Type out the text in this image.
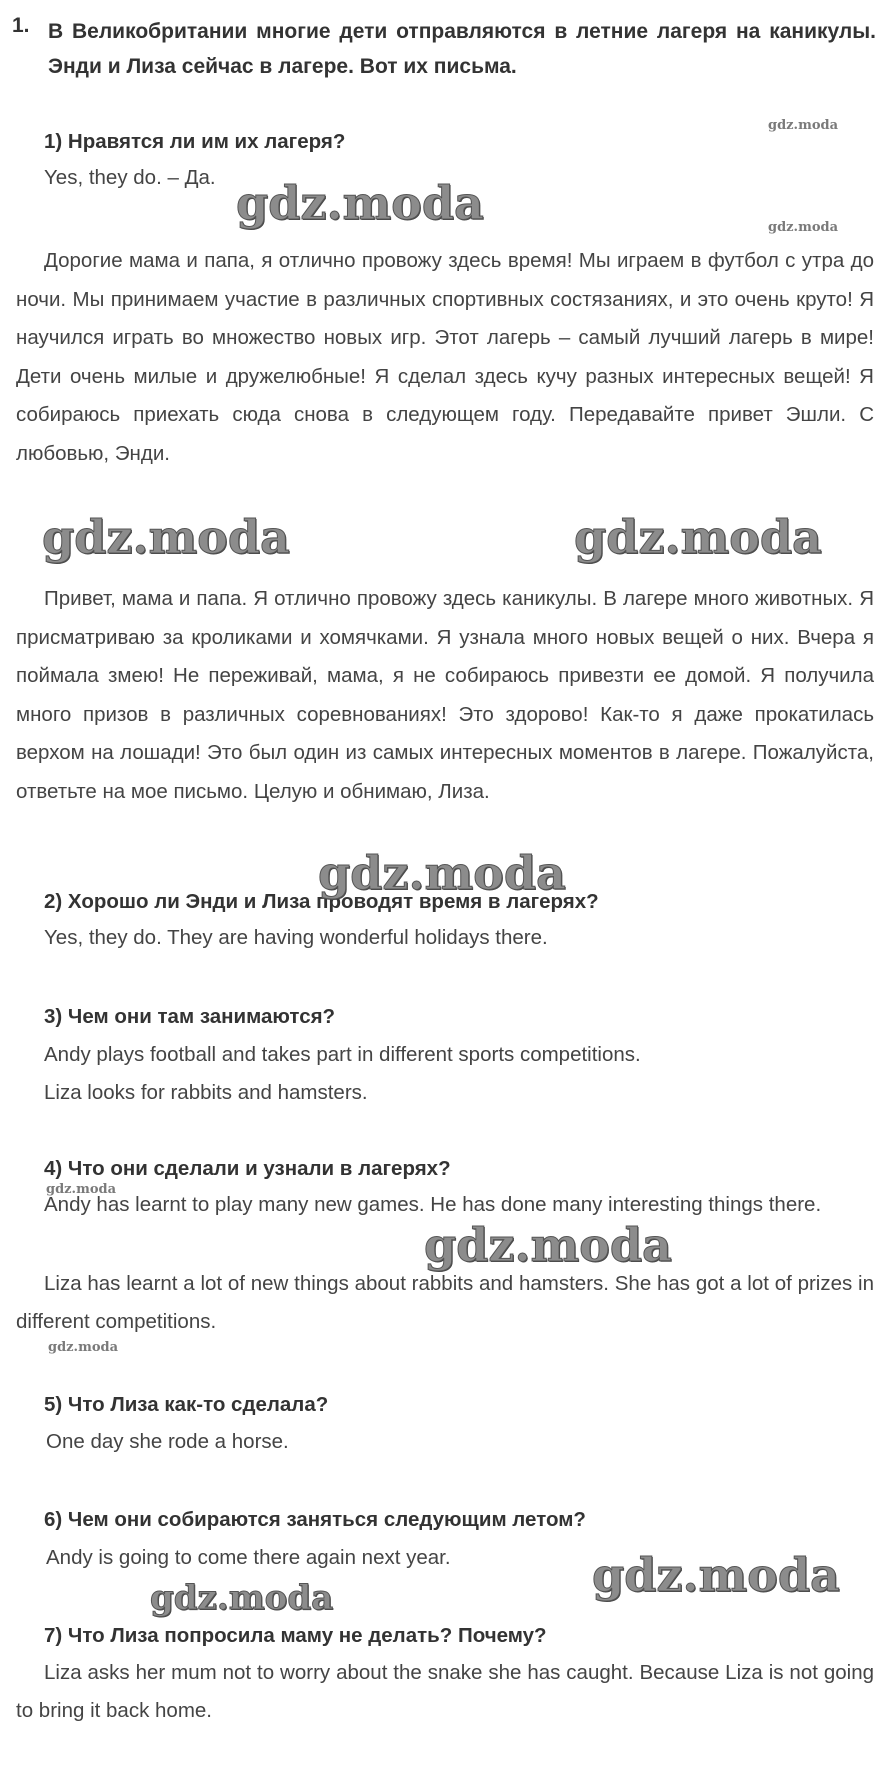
1. В Великобритании многие дети отправляются в летние лагеря на каникулы. Энди и Лиза сейчас в лагере. Вот их письма.

1) Нравятся ли им их лагеря?
Yes, they do. – Да.

Дорогие мама и папа, я отлично провожу здесь время! Мы играем в футбол с утра до ночи. Мы принимаем участие в различных спортивных состязаниях, и это очень круто! Я научился играть во множество новых игр. Этот лагерь – самый лучший лагерь в мире! Дети очень милые и дружелюбные! Я сделал здесь кучу разных интересных вещей! Я собираюсь приехать сюда снова в следующем году. Передавайте привет Эшли. С любовью, Энди.

Привет, мама и папа. Я отлично провожу здесь каникулы. В лагере много животных. Я присматриваю за кроликами и хомячками. Я узнала много новых вещей о них. Вчера я поймала змею! Не переживай, мама, я не собираюсь привезти ее домой. Я получила много призов в различных соревнованиях! Это здорово! Как-то я даже прокатилась верхом на лошади! Это был один из самых интересных моментов в лагере. Пожалуйста, ответьте на мое письмо. Целую и обнимаю, Лиза.

2) Хорошо ли Энди и Лиза проводят время в лагерях?
Yes, they do. They are having wonderful holidays there.
3) Чем они там занимаются?
Andy plays football and takes part in different sports competitions.
Liza looks for rabbits and hamsters.
4) Что они сделали и узнали в лагерях?

Andy has learnt to play many new games. He has done many interesting things there.

Liza has learnt a lot of new things about rabbits and hamsters. She has got a lot of prizes in different competitions.

5) Что Лиза как-то сделала?
One day she rode a horse.
6) Чем они собираются заняться следующим летом?
Andy is going to come there again next year.
7) Что Лиза попросила маму не делать? Почему?

Liza asks her mum not to worry about the snake she has caught. Because Liza is not going to bring it back home.

gdz.moda
gdz.moda
gdz.moda
gdz.moda	gdz.moda
gdz.moda
gdz.moda
gdz.moda
gdz.moda
gdz.moda
gdz.moda
